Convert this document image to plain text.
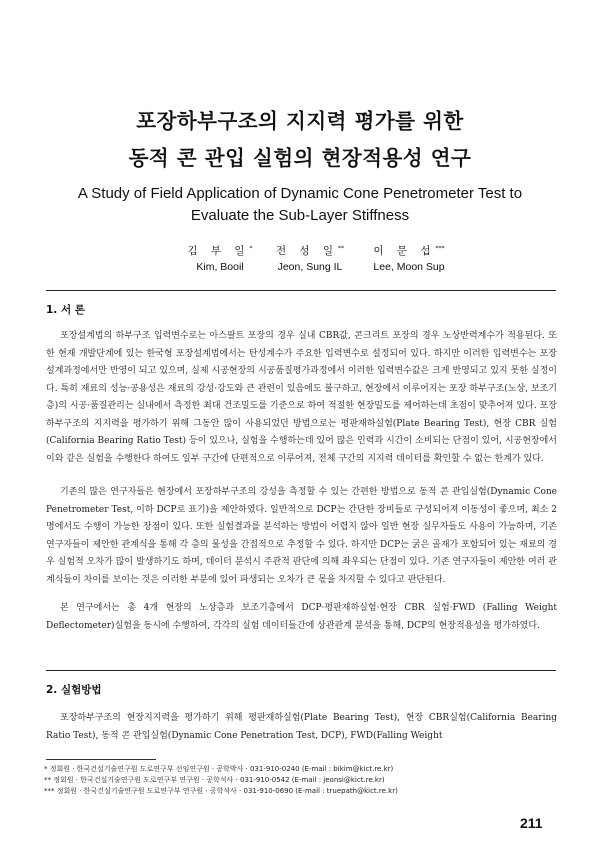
포장하부구조의 지지력 평가를 위한
동적 콘 관입 실험의 현장적용성 연구
A Study of Field Application of Dynamic Cone Penetrometer Test to
Evaluate the Sub-Layer Stiffness
김 부 일*
Kim, Booil
전 성 일**
Jeon, Sung IL
이 문 섭***
Lee, Moon Sup
1. 서 론
포장설계법의 하부구조 입력변수로는 아스팔트 포장의 경우 실내 CBR값, 콘크리트 포장의 경우 노상반력계수가 적용된다. 또한 현재 개발단계에 있는 한국형 포장설계법에서는 탄성계수가 주요한 입력변수로 설정되어 있다. 하지만 이러한 입력변수는 포장설계과정에서만 반영이 되고 있으며, 실제 시공현장의 시공품질평가과정에서 이러한 입력변수값은 크게 반영되고 있지 못한 실정이다. 특히 재료의 성능·공용성은 재료의 강성·강도와 큰 관련이 있음에도 불구하고, 현장에서 이루어지는 포장 하부구조(노상, 보조기층)의 시공·품질관리는 실내에서 측정한 최대 건조밀도를 기준으로 하여 적절한 현장밀도를 제어하는데 초점이 맞추어져 있다. 포장하부구조의 지지력을 평가하기 위해 그동안 많이 사용되었던 방법으로는 평판재하실험(Plate Bearing Test), 현장 CBR 실험 (California Bearing Ratio Test) 등이 있으나, 실험을 수행하는데 있어 많은 인력과 시간이 소비되는 단점이 있어, 시공현장에서 이와 같은 실험을 수행한다 하여도 일부 구간에 단편적으로 이루어져, 전체 구간의 지지력 데이터를 확인할 수 없는 한계가 있다.
기존의 많은 연구자들은 현장에서 포장하부구조의 강성을 측정할 수 있는 간편한 방법으로 동적 콘 관입실험(Dynamic Cone Penetrometer Test, 이하 DCP로 표기)을 제안하였다. 일반적으로 DCP는 간단한 장비들로 구성되어져 이동성이 좋으며, 최소 2명에서도 수행이 가능한 장점이 있다. 또한 실험결과를 분석하는 방법이 어렵지 않아 일반 현장 실무자들도 사용이 가능하며, 기존 연구자들이 제안한 관계식을 통해 각 층의 물성을 간접적으로 추정할 수 있다. 하지만 DCP는 굵은 골재가 포함되어 있는 재료의 경우 실험적 오차가 많이 발생하기도 하며, 데이터 분석시 주관적 판단에 의해 좌우되는 단점이 있다. 기존 연구자들이 제안한 여러 관계식들이 차이를 보이는 것은 이러한 부분에 있어 파생되는 오차가 큰 몫을 차지할 수 있다고 판단된다.
본 연구에서는 총 4개 현장의 노상층과 보조기층에서 DCP·평판재하실험·현장 CBR 실험·FWD (Falling Weight Deflectometer)실험을 동시에 수행하여, 각각의 실험 데이터들간에 상관관계 분석을 통해, DCP의 현장적용성을 평가하였다.
2. 실험방법
포장하부구조의 현장지지력을 평가하기 위해 평판재하실험(Plate Bearing Test), 현장 CBR실험(California Bearing Ratio Test), 동적 콘 관입실험(Dynamic Cone Penetration Test, DCP), FWD(Falling Weight
* 정회원 · 한국건설기술연구원 도로연구부 선임연구원 · 공학박사 · 031-910-0240 (E-mail : bikim@kict.re.kr)
** 정회원 · 한국건설기술연구원 도로연구부 연구원 · 공학석사 · 031-910-0542 (E-mail : jeonsi@kict.re.kr)
*** 정회원 · 한국건설기술연구원 도로연구부 연구원 · 공학석사 · 031-910-0690 (E-mail : truepath@kict.re.kr)
211
